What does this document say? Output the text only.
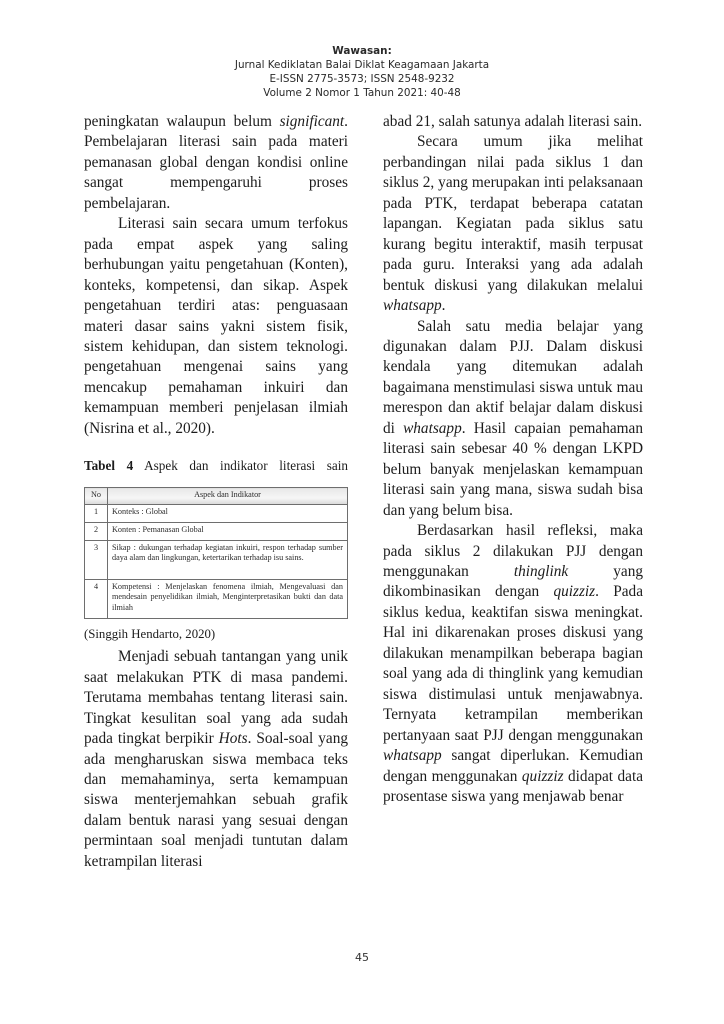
Wawasan:
Jurnal Kediklatan Balai Diklat Keagamaan Jakarta
E-ISSN 2775-3573; ISSN 2548-9232
Volume 2 Nomor 1 Tahun 2021: 40-48

peningkatan walaupun belum significant. Pembelajaran literasi sain pada materi pemanasan global dengan kondisi online sangat mempengaruhi proses pembelajaran.

Literasi sain secara umum terfokus pada empat aspek yang saling berhubungan yaitu pengetahuan (Konten), konteks, kompetensi, dan sikap. Aspek pengetahuan terdiri atas: penguasaan materi dasar sains yakni sistem fisik, sistem kehidupan, dan sistem teknologi. pengetahuan mengenai sains yang mencakup pemahaman inkuiri dan kemampuan memberi penjelasan ilmiah (Nisrina et al., 2020).

Tabel 4 Aspek dan indikator literasi sain

No	Aspek dan Indikator
1	Konteks : Global
2	Konten : Pemanasan Global
3	Sikap : dukungan terhadap kegiatan inkuiri, respon terhadap sumber daya alam dan lingkungan, ketertarikan terhadap isu sains.
4	Kompetensi : Menjelaskan fenomena ilmiah, Mengevaluasi dan mendesain penyelidikan ilmiah, Menginterpretasikan bukti dan data ilmiah

(Singgih Hendarto, 2020)

Menjadi sebuah tantangan yang unik saat melakukan PTK di masa pandemi. Terutama membahas tentang literasi sain. Tingkat kesulitan soal yang ada sudah pada tingkat berpikir Hots. Soal-soal yang ada mengharuskan siswa membaca teks dan memahaminya, serta kemampuan siswa menterjemahkan sebuah grafik dalam bentuk narasi yang sesuai dengan permintaan soal menjadi tuntutan dalam ketrampilan literasi

abad 21, salah satunya adalah literasi sain.

Secara umum jika melihat perbandingan nilai pada siklus 1 dan siklus 2, yang merupakan inti pelaksanaan pada PTK, terdapat beberapa catatan lapangan. Kegiatan pada siklus satu kurang begitu interaktif, masih terpusat pada guru. Interaksi yang ada adalah bentuk diskusi yang dilakukan melalui whatsapp.

Salah satu media belajar yang digunakan dalam PJJ. Dalam diskusi kendala yang ditemukan adalah bagaimana menstimulasi siswa untuk mau merespon dan aktif belajar dalam diskusi di whatsapp. Hasil capaian pemahaman literasi sain sebesar 40 % dengan LKPD belum banyak menjelaskan kemampuan literasi sain yang mana, siswa sudah bisa dan yang belum bisa.

Berdasarkan hasil refleksi, maka pada siklus 2 dilakukan PJJ dengan menggunakan thinglink yang dikombinasikan dengan quizziz. Pada siklus kedua, keaktifan siswa meningkat. Hal ini dikarenakan proses diskusi yang dilakukan menampilkan beberapa bagian soal yang ada di thinglink yang kemudian siswa distimulasi untuk menjawabnya. Ternyata ketrampilan memberikan pertanyaan saat PJJ dengan menggunakan whatsapp sangat diperlukan. Kemudian dengan menggunakan quizziz didapat data prosentase siswa yang menjawab benar

45
